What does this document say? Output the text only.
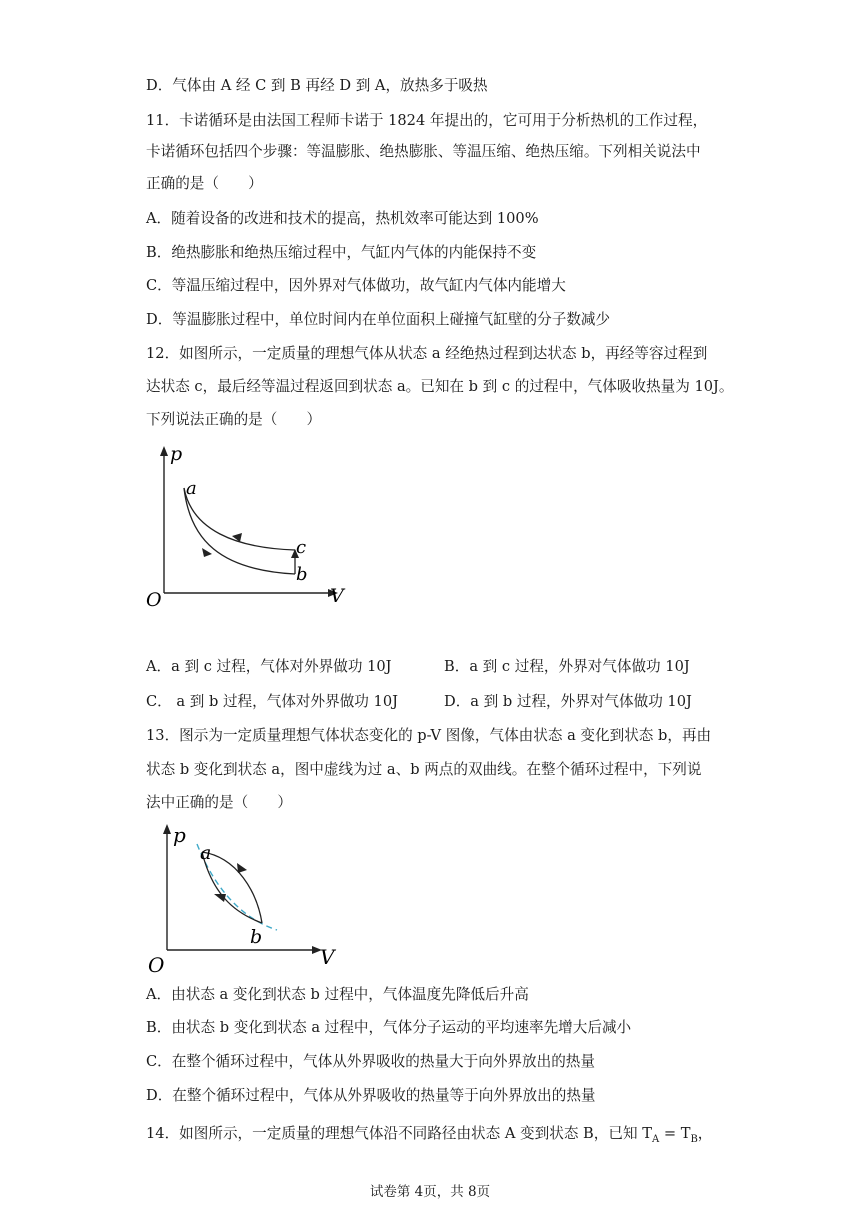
D．气体由 A 经 C 到 B 再经 D 到 A，放热多于吸热
11．卡诺循环是由法国工程师卡诺于 1824 年提出的，它可用于分析热机的工作过程，
卡诺循环包括四个步骤：等温膨胀、绝热膨胀、等温压缩、绝热压缩。下列相关说法中
正确的是（　　）
A．随着设备的改进和技术的提高，热机效率可能达到 100%
B．绝热膨胀和绝热压缩过程中，气缸内气体的内能保持不变
C．等温压缩过程中，因外界对气体做功，故气缸内气体内能增大
D．等温膨胀过程中，单位时间内在单位面积上碰撞气缸壁的分子数减少
12．如图所示，一定质量的理想气体从状态 a 经绝热过程到达状态 b，再经等容过程到
达状态 c，最后经等温过程返回到状态 a。已知在 b 到 c 的过程中，气体吸收热量为 10J。
下列说法正确的是（　　）
p
V
O
a
c
b
A．a 到 c 过程，气体对外界做功 10J	B．a 到 c 过程，外界对气体做功 10J
C． a 到 b 过程，气体对外界做功 10J	D．a 到 b 过程，外界对气体做功 10J
13．图示为一定质量理想气体状态变化的 p-V 图像，气体由状态 a 变化到状态 b，再由
状态 b 变化到状态 a，图中虚线为过 a、b 两点的双曲线。在整个循环过程中，下列说
法中正确的是（　　）
p
V
O
a
b
A．由状态 a 变化到状态 b 过程中，气体温度先降低后升高
B．由状态 b 变化到状态 a 过程中，气体分子运动的平均速率先增大后减小
C．在整个循环过程中，气体从外界吸收的热量大于向外界放出的热量
D．在整个循环过程中，气体从外界吸收的热量等于向外界放出的热量
14．如图所示，一定质量的理想气体沿不同路径由状态 A 变到状态 B，已知 $T_A = T_B$，
试卷第 4页，共 8页
